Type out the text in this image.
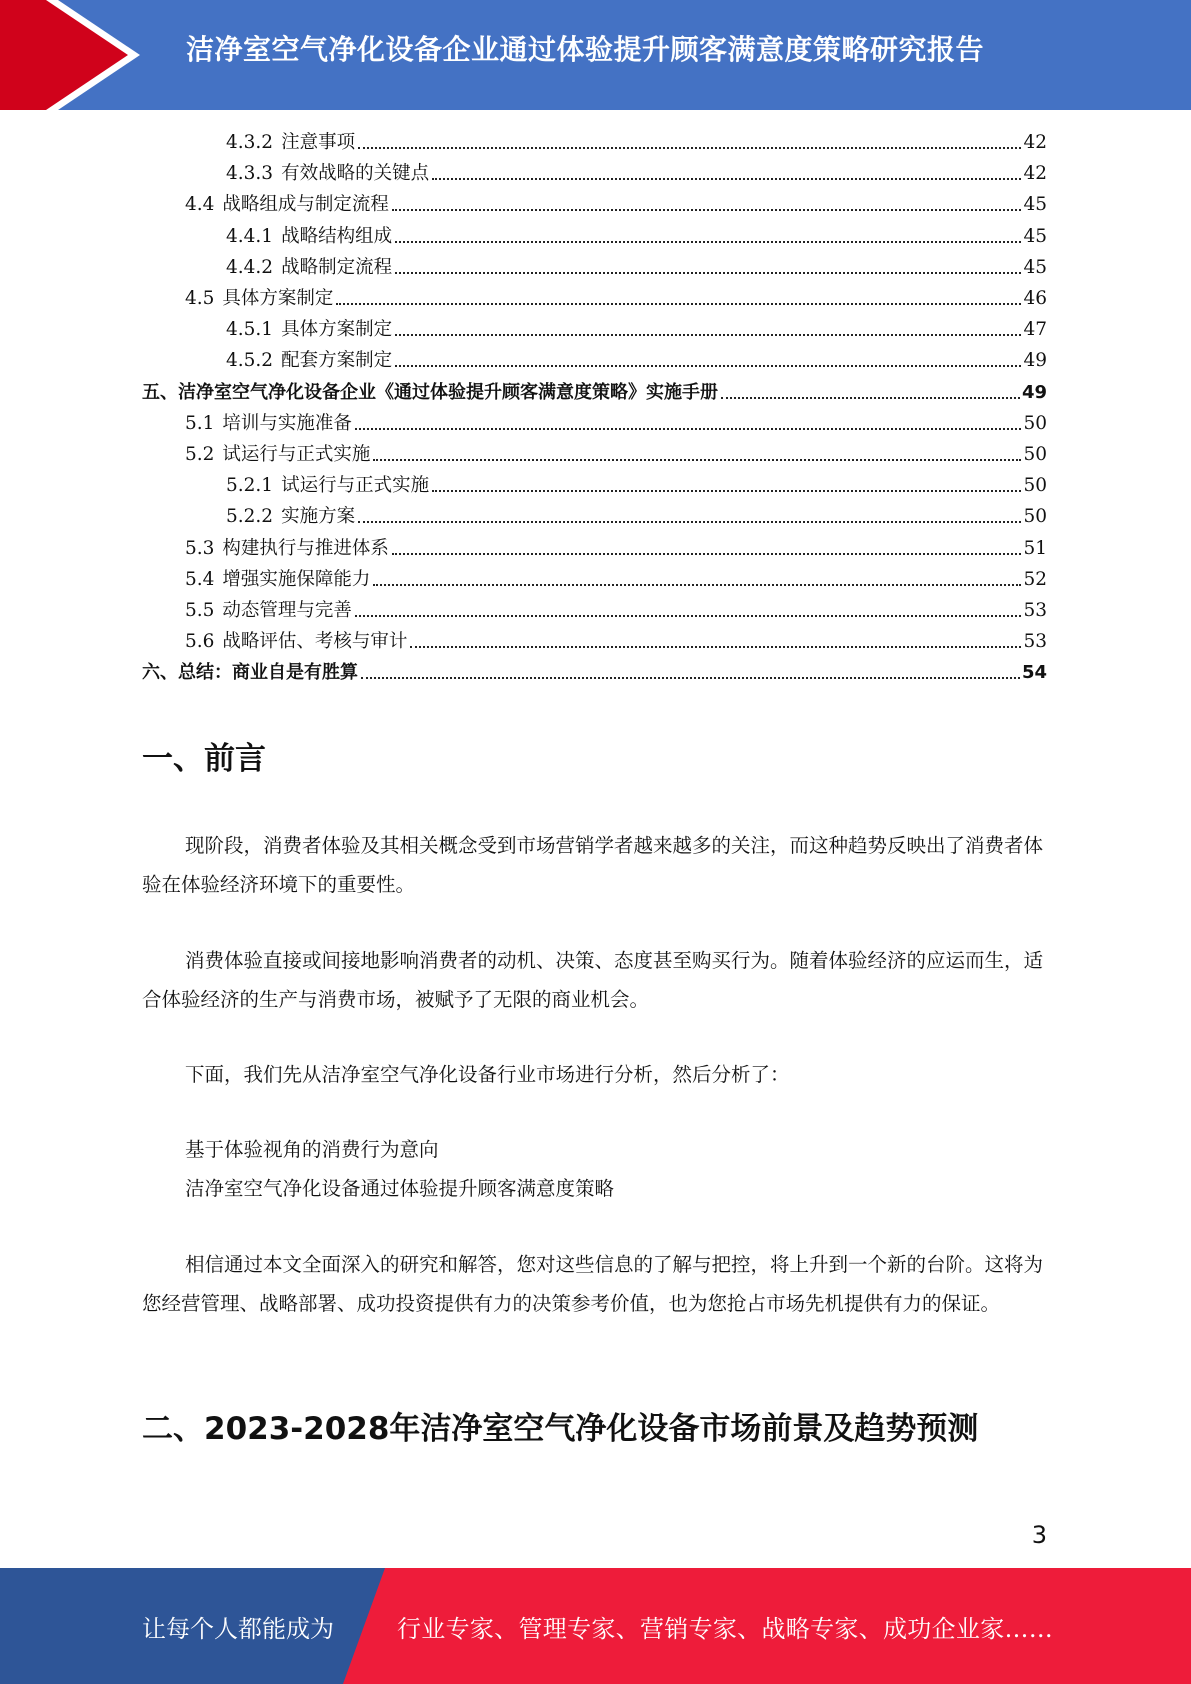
洁净室空气净化设备企业通过体验提升顾客满意度策略研究报告
4.3.2 注意事项	42
4.3.3 有效战略的关键点	42
4.4 战略组成与制定流程	45
4.4.1 战略结构组成	45
4.4.2 战略制定流程	45
4.5 具体方案制定	46
4.5.1 具体方案制定	47
4.5.2 配套方案制定	49
五、 洁净室空气净化设备企业《通过体验提升顾客满意度策略》实施手册	49
5.1 培训与实施准备	50
5.2 试运行与正式实施	50
5.2.1 试运行与正式实施	50
5.2.2 实施方案	50
5.3 构建执行与推进体系	51
5.4 增强实施保障能力	52
5.5 动态管理与完善	53
5.6 战略评估、考核与审计	53
六、 总结：商业自是有胜算	54
一、前言

现阶段，消费者体验及其相关概念受到市场营销学者越来越多的关注，而这种趋势反映出了消费者体验在体验经济环境下的重要性。

消费体验直接或间接地影响消费者的动机、决策、态度甚至购买行为。随着体验经济的应运而生，适合体验经济的生产与消费市场，被赋予了无限的商业机会。

下面，我们先从洁净室空气净化设备行业市场进行分析，然后分析了：

基于体验视角的消费行为意向

洁净室空气净化设备通过体验提升顾客满意度策略

相信通过本文全面深入的研究和解答，您对这些信息的了解与把控，将上升到一个新的台阶。这将为您经营管理、战略部署、成功投资提供有力的决策参考价值，也为您抢占市场先机提供有力的保证。

二、2023-2028年洁净室空气净化设备市场前景及趋势预测
3
让每个人都能成为	行业专家、管理专家、营销专家、战略专家、成功企业家……
